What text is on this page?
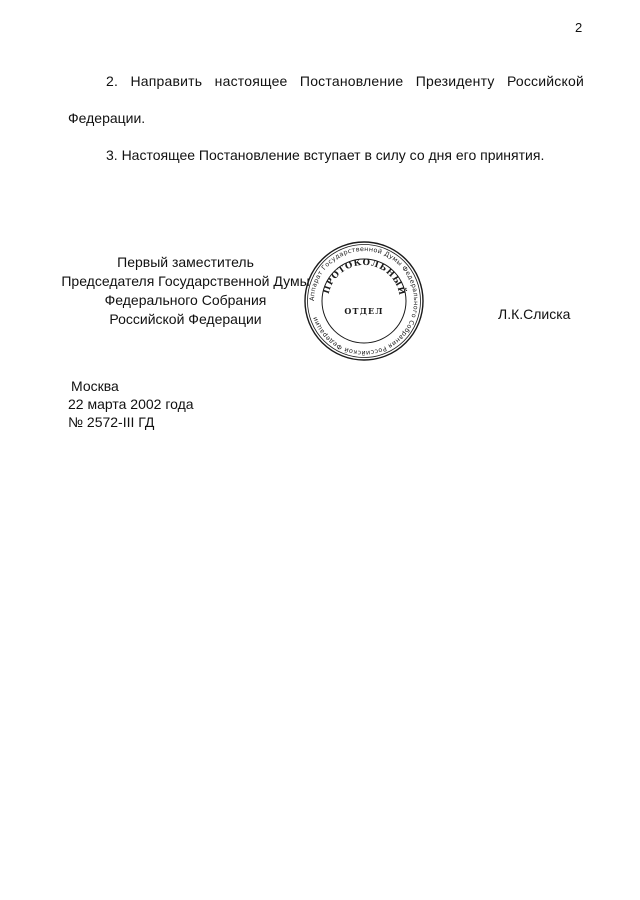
2
2. Направить настоящее Постановление Президенту Российской
Федерации.
3. Настоящее Постановление вступает в силу со дня его принятия.
Первый заместитель
Председателя Государственной Думы
Федерального Собрания
Российской Федерации
Аппарат Государственной Думы Федерального Собрания Российской Федерации
ПРОТОКОЛЬНЫЙ
ОТДЕЛ	Л.К.Слиска
Москва
22 марта 2002 года
№ 2572-III ГД
